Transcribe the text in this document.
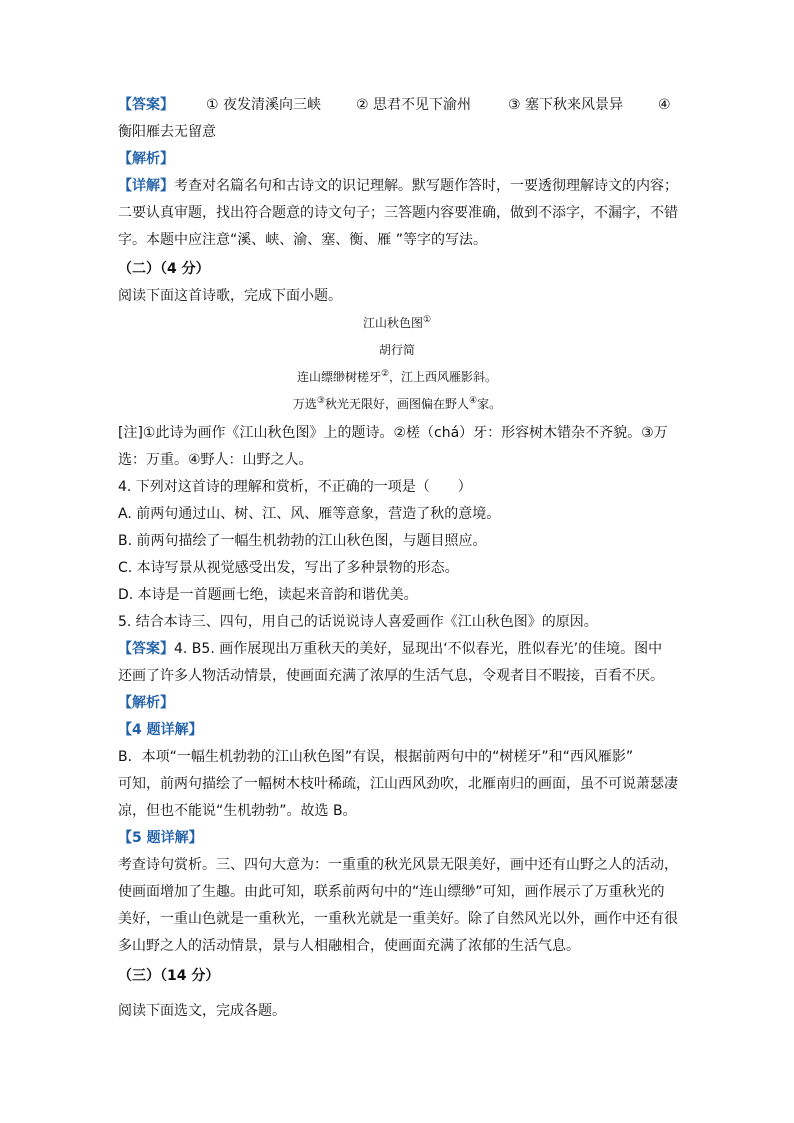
【答案】 ① 夜发清溪向三峡 ② 思君不见下渝州	③ 塞下秋来风景异 ④
衡阳雁去无留意
【解析】
【详解】考查对名篇名句和古诗文的识记理解。默写题作答时，一要透彻理解诗文的内容；
二要认真审题，找出符合题意的诗文句子；三答题内容要准确，做到不添字，不漏字，不错
字。本题中应注意“溪、峡、渝、塞、衡、雁 ”等字的写法。
（二）（4 分）
阅读下面这首诗歌，完成下面小题。
江山秋色图①
胡行简
连山缥缈树槎牙②，江上西风雁影斜。
万选③秋光无限好，画图偏在野人④家。
[注]①此诗为画作《江山秋色图》上的题诗。②槎（chá）牙：形容树木错杂不齐貌。③万
选：万重。④野人：山野之人。
4. 下列对这首诗的理解和赏析，不正确的一项是（　　）
A. 前两句通过山、树、江、风、雁等意象，营造了秋的意境。
B. 前两句描绘了一幅生机勃勃的江山秋色图，与题目照应。
C. 本诗写景从视觉感受出发，写出了多种景物的形态。
D. 本诗是一首题画七绝，读起来音韵和谐优美。
5. 结合本诗三、四句，用自己的话说说诗人喜爱画作《江山秋色图》的原因。
【答案】4. B5. 画作展现出万重秋天的美好，显现出‘不似春光，胜似春光’的佳境。图中
还画了许多人物活动情景，使画面充满了浓厚的生活气息，令观者目不暇接，百看不厌。
【解析】
【4 题详解】
B．本项“一幅生机勃勃的江山秋色图”有误，根据前两句中的“树槎牙”和“西风雁影”
可知，前两句描绘了一幅树木枝叶稀疏，江山西风劲吹，北雁南归的画面，虽不可说萧瑟凄
凉，但也不能说“生机勃勃”。故选 B。
【5 题详解】
考查诗句赏析。三、四句大意为：一重重的秋光风景无限美好，画中还有山野之人的活动，
使画面增加了生趣。由此可知，联系前两句中的“连山缥缈”可知，画作展示了万重秋光的
美好，一重山色就是一重秋光，一重秋光就是一重美好。除了自然风光以外，画作中还有很
多山野之人的活动情景，景与人相融相合，使画面充满了浓郁的生活气息。
（三）（14 分）
阅读下面选文，完成各题。
